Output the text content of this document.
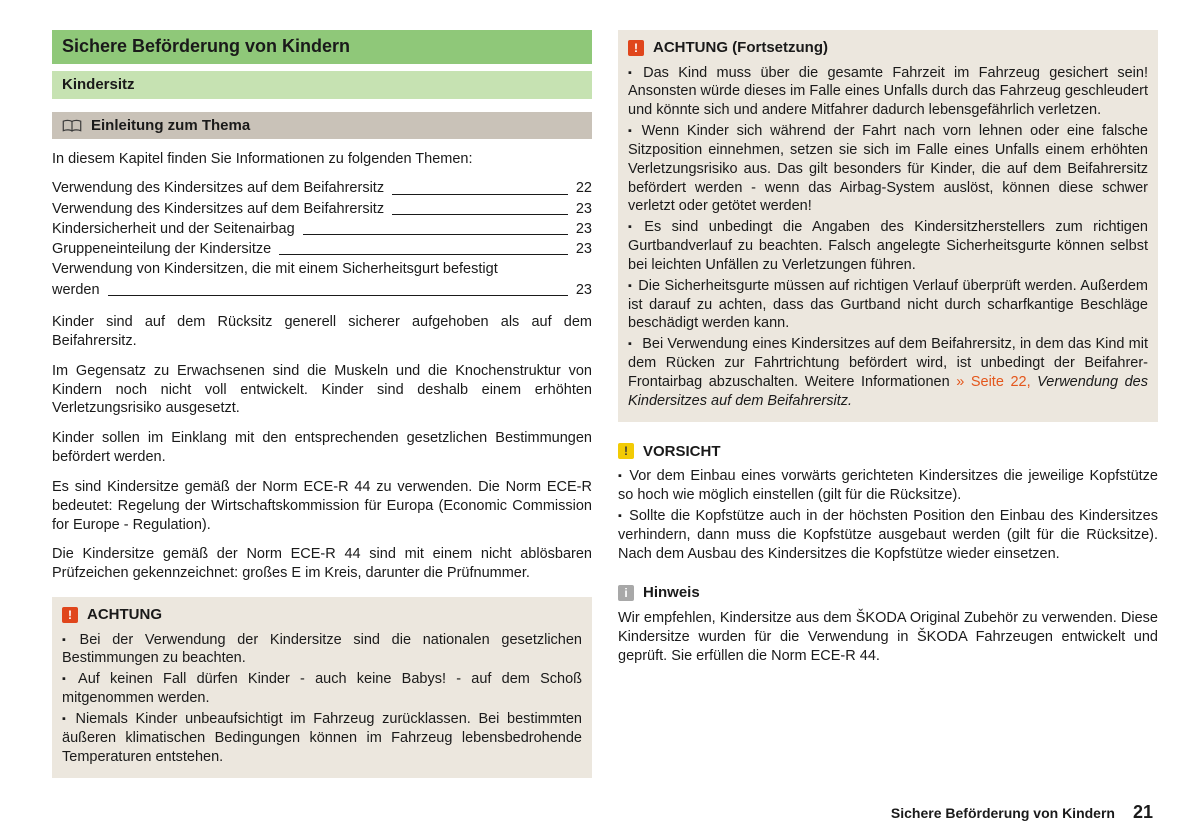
Sichere Beförderung von Kindern
Kindersitz
Einleitung zum Thema

In diesem Kapitel finden Sie Informationen zu folgenden Themen:

Verwendung des Kindersitzes auf dem Beifahrersitz	22
Verwendung des Kindersitzes auf dem Beifahrersitz	23
Kindersicherheit und der Seitenairbag	23
Gruppeneinteilung der Kindersitze	23
Verwendung von Kindersitzen, die mit einem Sicherheitsgurt befestigt
werden	23

Kinder sind auf dem Rücksitz generell sicherer aufgehoben als auf dem Beifahrersitz.

Im Gegensatz zu Erwachsenen sind die Muskeln und die Knochenstruktur von Kindern noch nicht voll entwickelt. Kinder sind deshalb einem erhöhten Verletzungsrisiko ausgesetzt.

Kinder sollen im Einklang mit den entsprechenden gesetzlichen Bestimmungen befördert werden.

Es sind Kindersitze gemäß der Norm ECE-R 44 zu verwenden. Die Norm ECE-R bedeutet: Regelung der Wirtschaftskommission für Europa (Economic Commission for Europe - Regulation).

Die Kindersitze gemäß der Norm ECE-R 44 sind mit einem nicht ablösbaren Prüfzeichen gekennzeichnet: großes E im Kreis, darunter die Prüfnummer.

!	ACHTUNG
▪ Bei der Verwendung der Kindersitze sind die nationalen gesetzlichen Bestimmungen zu beachten.
▪ Auf keinen Fall dürfen Kinder - auch keine Babys! - auf dem Schoß mitgenommen werden.
▪ Niemals Kinder unbeaufsichtigt im Fahrzeug zurücklassen. Bei bestimmten äußeren klimatischen Bedingungen können im Fahrzeug lebensbedrohende Temperaturen entstehen.
!	ACHTUNG (Fortsetzung)
▪ Das Kind muss über die gesamte Fahrzeit im Fahrzeug gesichert sein! Ansonsten würde dieses im Falle eines Unfalls durch das Fahrzeug geschleudert und könnte sich und andere Mitfahrer dadurch lebensgefährlich verletzen.
▪ Wenn Kinder sich während der Fahrt nach vorn lehnen oder eine falsche Sitzposition einnehmen, setzen sie sich im Falle eines Unfalls einem erhöhten Verletzungsrisiko aus. Das gilt besonders für Kinder, die auf dem Beifahrersitz befördert werden - wenn das Airbag-System auslöst, können diese schwer verletzt oder getötet werden!
▪ Es sind unbedingt die Angaben des Kindersitzherstellers zum richtigen Gurtbandverlauf zu beachten. Falsch angelegte Sicherheitsgurte können selbst bei leichten Unfällen zu Verletzungen führen.
▪ Die Sicherheitsgurte müssen auf richtigen Verlauf überprüft werden. Außerdem ist darauf zu achten, dass das Gurtband nicht durch scharfkantige Beschläge beschädigt werden kann.
▪ Bei Verwendung eines Kindersitzes auf dem Beifahrersitz, in dem das Kind mit dem Rücken zur Fahrtrichtung befördert wird, ist unbedingt der Beifahrer-Frontairbag abzuschalten. Weitere Informationen » Seite 22, Verwendung des Kindersitzes auf dem Beifahrersitz.
!	VORSICHT
▪ Vor dem Einbau eines vorwärts gerichteten Kindersitzes die jeweilige Kopfstütze so hoch wie möglich einstellen (gilt für die Rücksitze).
▪ Sollte die Kopfstütze auch in der höchsten Position den Einbau des Kindersitzes verhindern, dann muss die Kopfstütze ausgebaut werden (gilt für die Rücksitze). Nach dem Ausbau des Kindersitzes die Kopfstütze wieder einsetzen.
i	Hinweis

Wir empfehlen, Kindersitze aus dem ŠKODA Original Zubehör zu verwenden. Diese Kindersitze wurden für die Verwendung in ŠKODA Fahrzeugen entwickelt und geprüft. Sie erfüllen die Norm ECE-R 44.

Sichere Beförderung von Kindern 21
